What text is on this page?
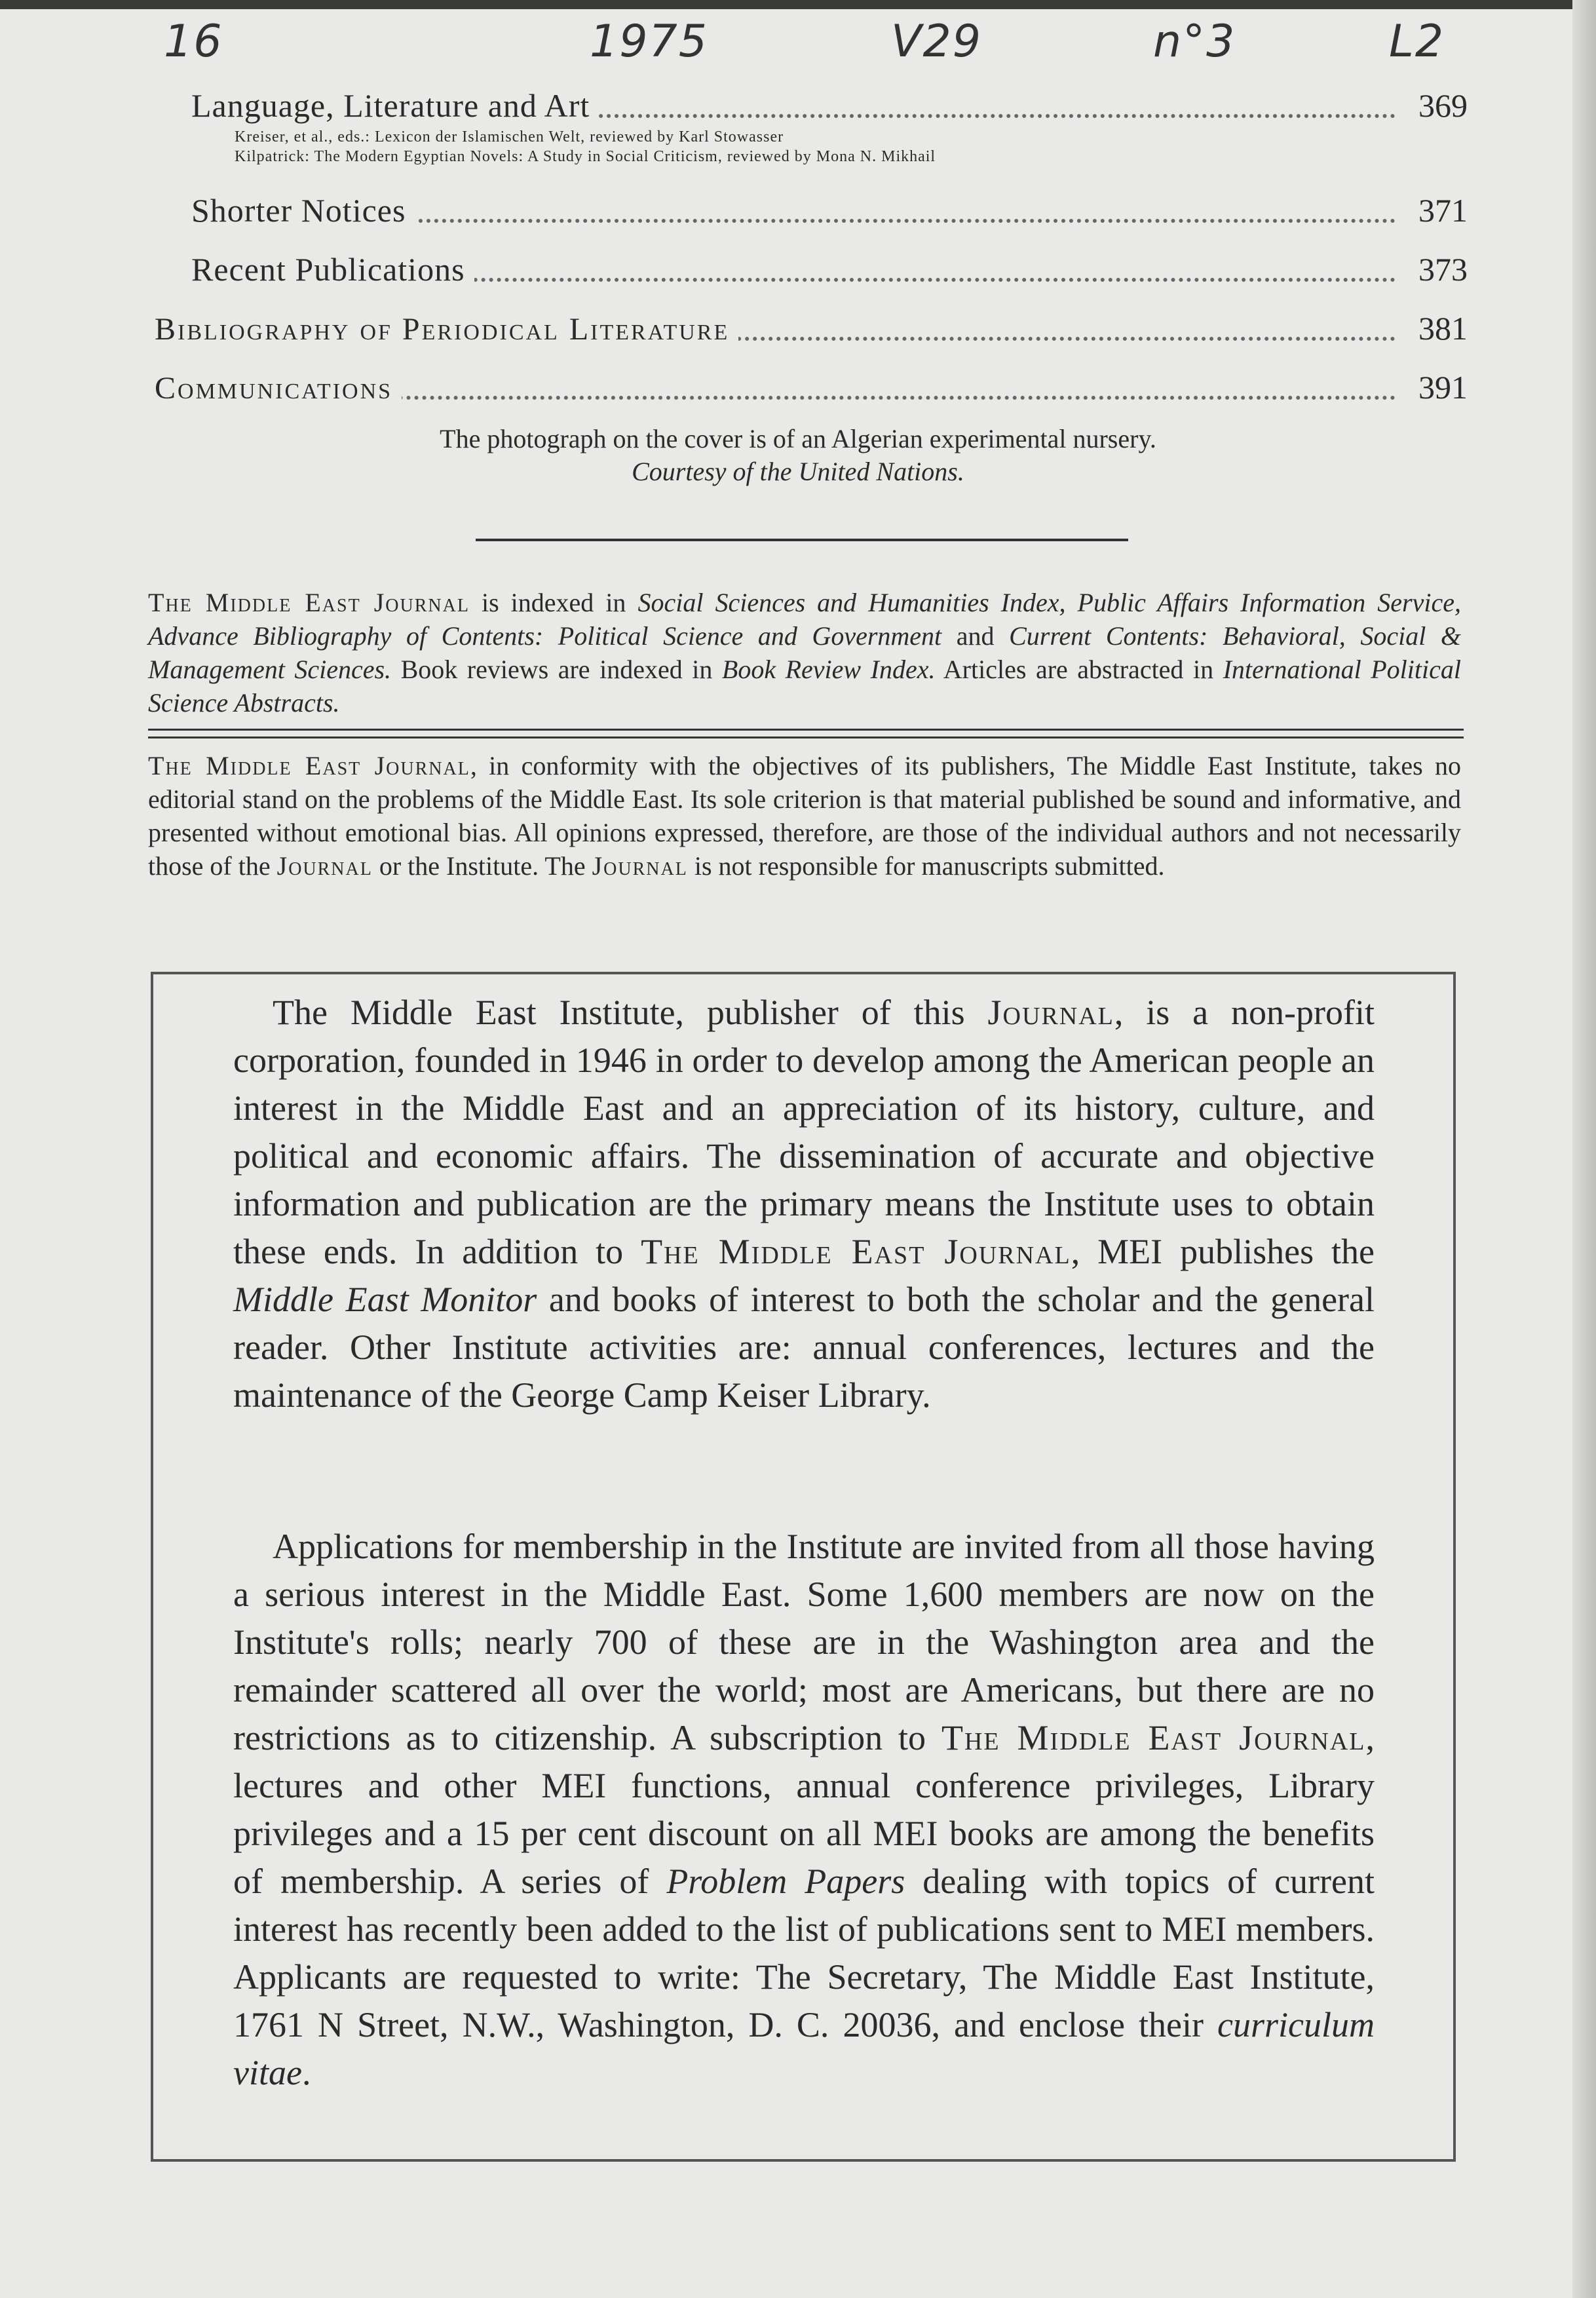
16	1975	V29	n°3	L2
Language, Literature and Art	369
Kreiser, et al., eds.: Lexicon der Islamischen Welt, reviewed by Karl Stowasser
Kilpatrick: The Modern Egyptian Novels: A Study in Social Criticism, reviewed by Mona N. Mikhail
Shorter Notices	371
Recent Publications	373
Bibliography of Periodical Literature	381
Communications	391
The photograph on the cover is of an Algerian experimental nursery.
Courtesy of the United Nations.

The Middle East Journal is indexed in Social Sciences and Humanities Index, Public Affairs Information Service, Advance Bibliography of Contents: Political Science and Government and Current Contents: Behavioral, Social & Management Sciences. Book reviews are indexed in Book Review Index. Articles are abstracted in International Political Science Abstracts.

The Middle East Journal, in conformity with the objectives of its publishers, The Middle East Institute, takes no editorial stand on the problems of the Middle East. Its sole criterion is that material published be sound and informative, and presented without emotional bias. All opinions expressed, therefore, are those of the individual authors and not necessarily those of the Journal or the Institute. The Journal is not responsible for manuscripts submitted.

The Middle East Institute, publisher of this Journal, is a non-profit corporation, founded in 1946 in order to develop among the American people an interest in the Middle East and an appreciation of its history, culture, and political and economic affairs. The dissemination of accurate and objective information and publication are the primary means the Institute uses to obtain these ends. In addition to The Middle East Journal, MEI publishes the Middle East Monitor and books of interest to both the scholar and the general reader. Other Institute activities are: annual conferences, lectures and the maintenance of the George Camp Keiser Library.

Applications for membership in the Institute are invited from all those having a serious interest in the Middle East. Some 1,600 members are now on the Institute's rolls; nearly 700 of these are in the Washington area and the remainder scattered all over the world; most are Americans, but there are no restrictions as to citizenship. A subscription to The Middle East Journal, lectures and other MEI functions, annual conference privileges, Library privileges and a 15 per cent discount on all MEI books are among the benefits of membership. A series of Problem Papers dealing with topics of current interest has recently been added to the list of publications sent to MEI members. Applicants are requested to write: The Secretary, The Middle East Institute, 1761 N Street, N.W., Washington, D. C. 20036, and enclose their curriculum vitae.
